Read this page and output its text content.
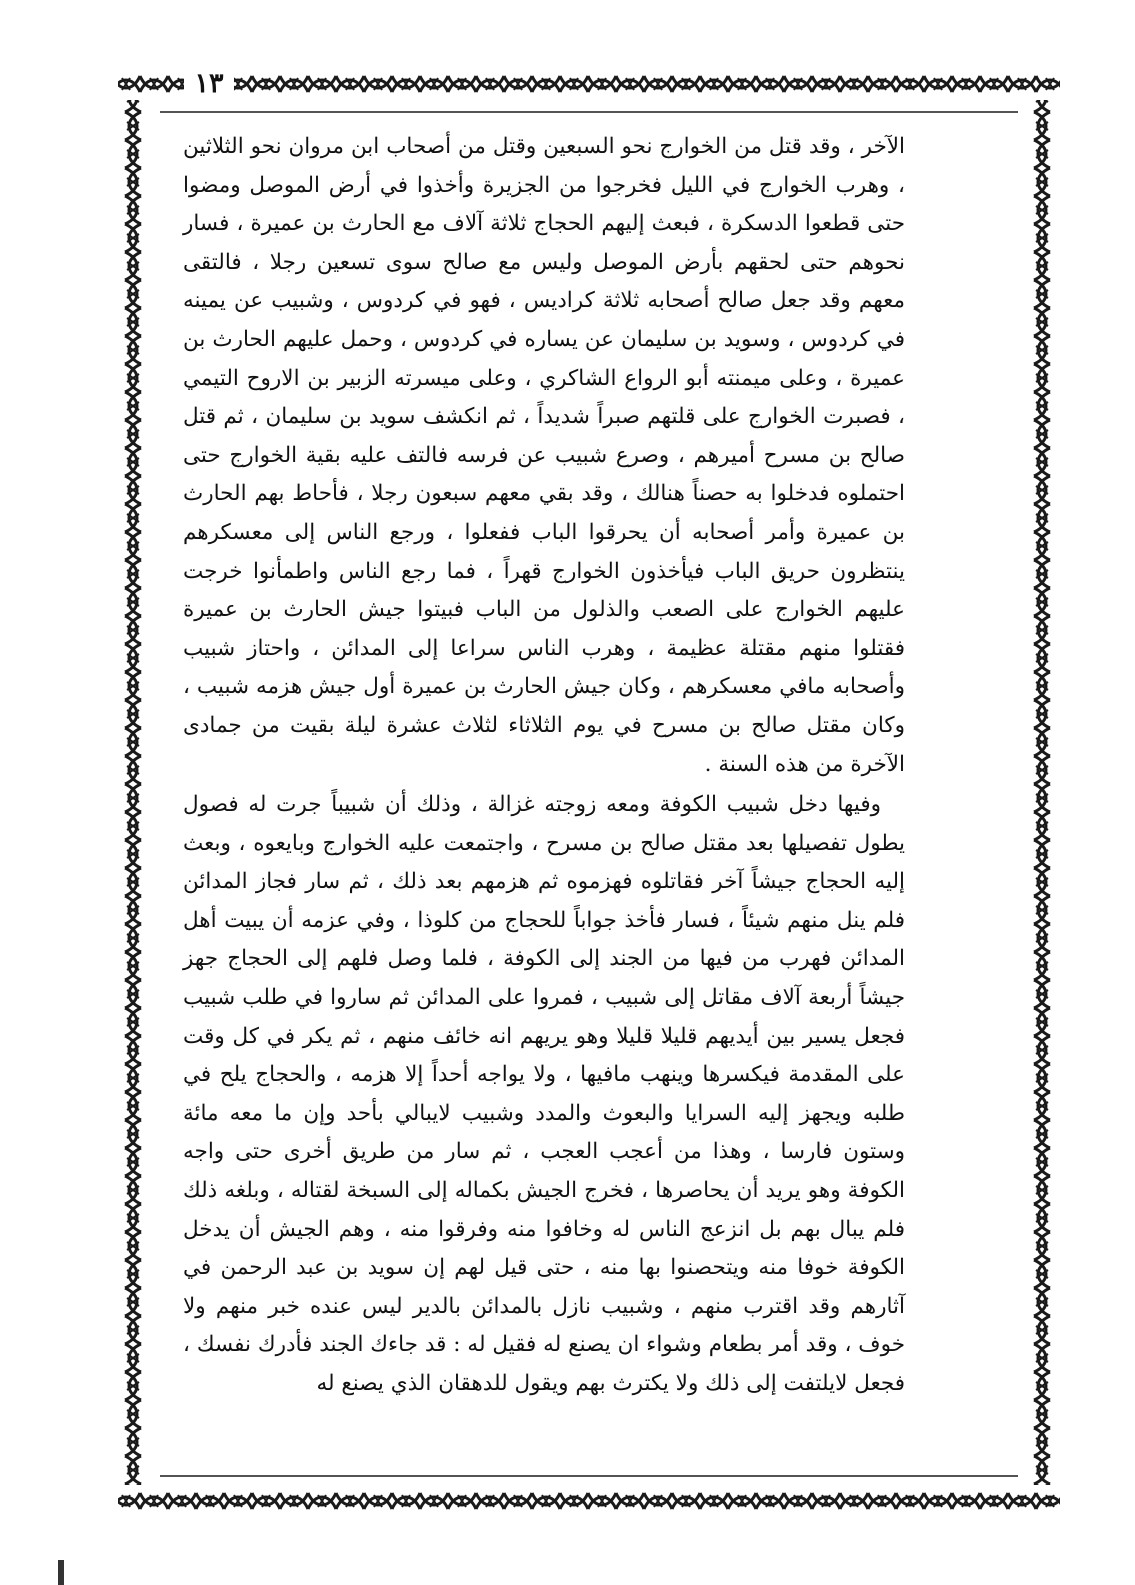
١٣

الآخر ، وقد قتل من الخوارج نحو السبعين وقتل من أصحاب ابن مروان نحو الثلاثين ، وهرب الخوارج في الليل فخرجوا من الجزيرة وأخذوا في أرض الموصل ومضوا حتى قطعوا الدسكرة ، فبعث إليهم الحجاج ثلاثة آلاف مع الحارث بن عميرة ، فسار نحوهم حتى لحقهم بأرض الموصل وليس مع صالح سوى تسعين رجلا ، فالتقى معهم وقد جعل صالح أصحابه ثلاثة كراديس ، فهو في كردوس ، وشبيب عن يمينه في كردوس ، وسويد بن سليمان عن يساره في كردوس ، وحمل عليهم الحارث بن عميرة ، وعلى ميمنته أبو الرواع الشاكري ، وعلى ميسرته الزبير بن الاروح التيمي ، فصبرت الخوارج على قلتهم صبراً شديداً ، ثم انكشف سويد بن سليمان ، ثم قتل صالح بن مسرح أميرهم ، وصرع شبيب عن فرسه فالتف عليه بقية الخوارج حتى احتملوه فدخلوا به حصناً هنالك ، وقد بقي معهم سبعون رجلا ، فأحاط بهم الحارث بن عميرة وأمر أصحابه أن يحرقوا الباب ففعلوا ، ورجع الناس إلى معسكرهم ينتظرون حريق الباب فيأخذون الخوارج قهراً ، فما رجع الناس واطمأنوا خرجت عليهم الخوارج على الصعب والذلول من الباب فبيتوا جيش الحارث بن عميرة فقتلوا منهم مقتلة عظيمة ، وهرب الناس سراعا إلى المدائن ، واحتاز شبيب وأصحابه مافي معسكرهم ، وكان جيش الحارث بن عميرة أول جيش هزمه شبيب ، وكان مقتل صالح بن مسرح في يوم الثلاثاء لثلاث عشرة ليلة بقيت من جمادى الآخرة من هذه السنة .

وفيها دخل شبيب الكوفة ومعه زوجته غزالة ، وذلك أن شبيباً جرت له فصول يطول تفصيلها بعد مقتل صالح بن مسرح ، واجتمعت عليه الخوارج وبايعوه ، وبعث إليه الحجاج جيشاً آخر فقاتلوه فهزموه ثم هزمهم بعد ذلك ، ثم سار فجاز المدائن فلم ينل منهم شيئاً ، فسار فأخذ جواباً للحجاج من كلوذا ، وفي عزمه أن يبيت أهل المدائن فهرب من فيها من الجند إلى الكوفة ، فلما وصل فلهم إلى الحجاج جهز جيشاً أربعة آلاف مقاتل إلى شبيب ، فمروا على المدائن ثم ساروا في طلب شبيب فجعل يسير بين أيديهم قليلا قليلا وهو يريهم انه خائف منهم ، ثم يكر في كل وقت على المقدمة فيكسرها وينهب مافيها ، ولا يواجه أحداً إلا هزمه ، والحجاج يلح في طلبه ويجهز إليه السرايا والبعوث والمدد وشبيب لايبالي بأحد وإن ما معه مائة وستون فارسا ، وهذا من أعجب العجب ، ثم سار من طريق أخرى حتى واجه الكوفة وهو يريد أن يحاصرها ، فخرج الجيش بكماله إلى السبخة لقتاله ، وبلغه ذلك فلم يبال بهم بل انزعج الناس له وخافوا منه وفرقوا منه ، وهم الجيش أن يدخل الكوفة خوفا منه ويتحصنوا بها منه ، حتى قيل لهم إن سويد بن عبد الرحمن في آثارهم وقد اقترب منهم ، وشبيب نازل بالمدائن بالدير ليس عنده خبر منهم ولا خوف ، وقد أمر بطعام وشواء ان يصنع له فقيل له : قد جاءك الجند فأدرك نفسك ، فجعل لايلتفت إلى ذلك ولا يكترث بهم ويقول للدهقان الذي يصنع له
